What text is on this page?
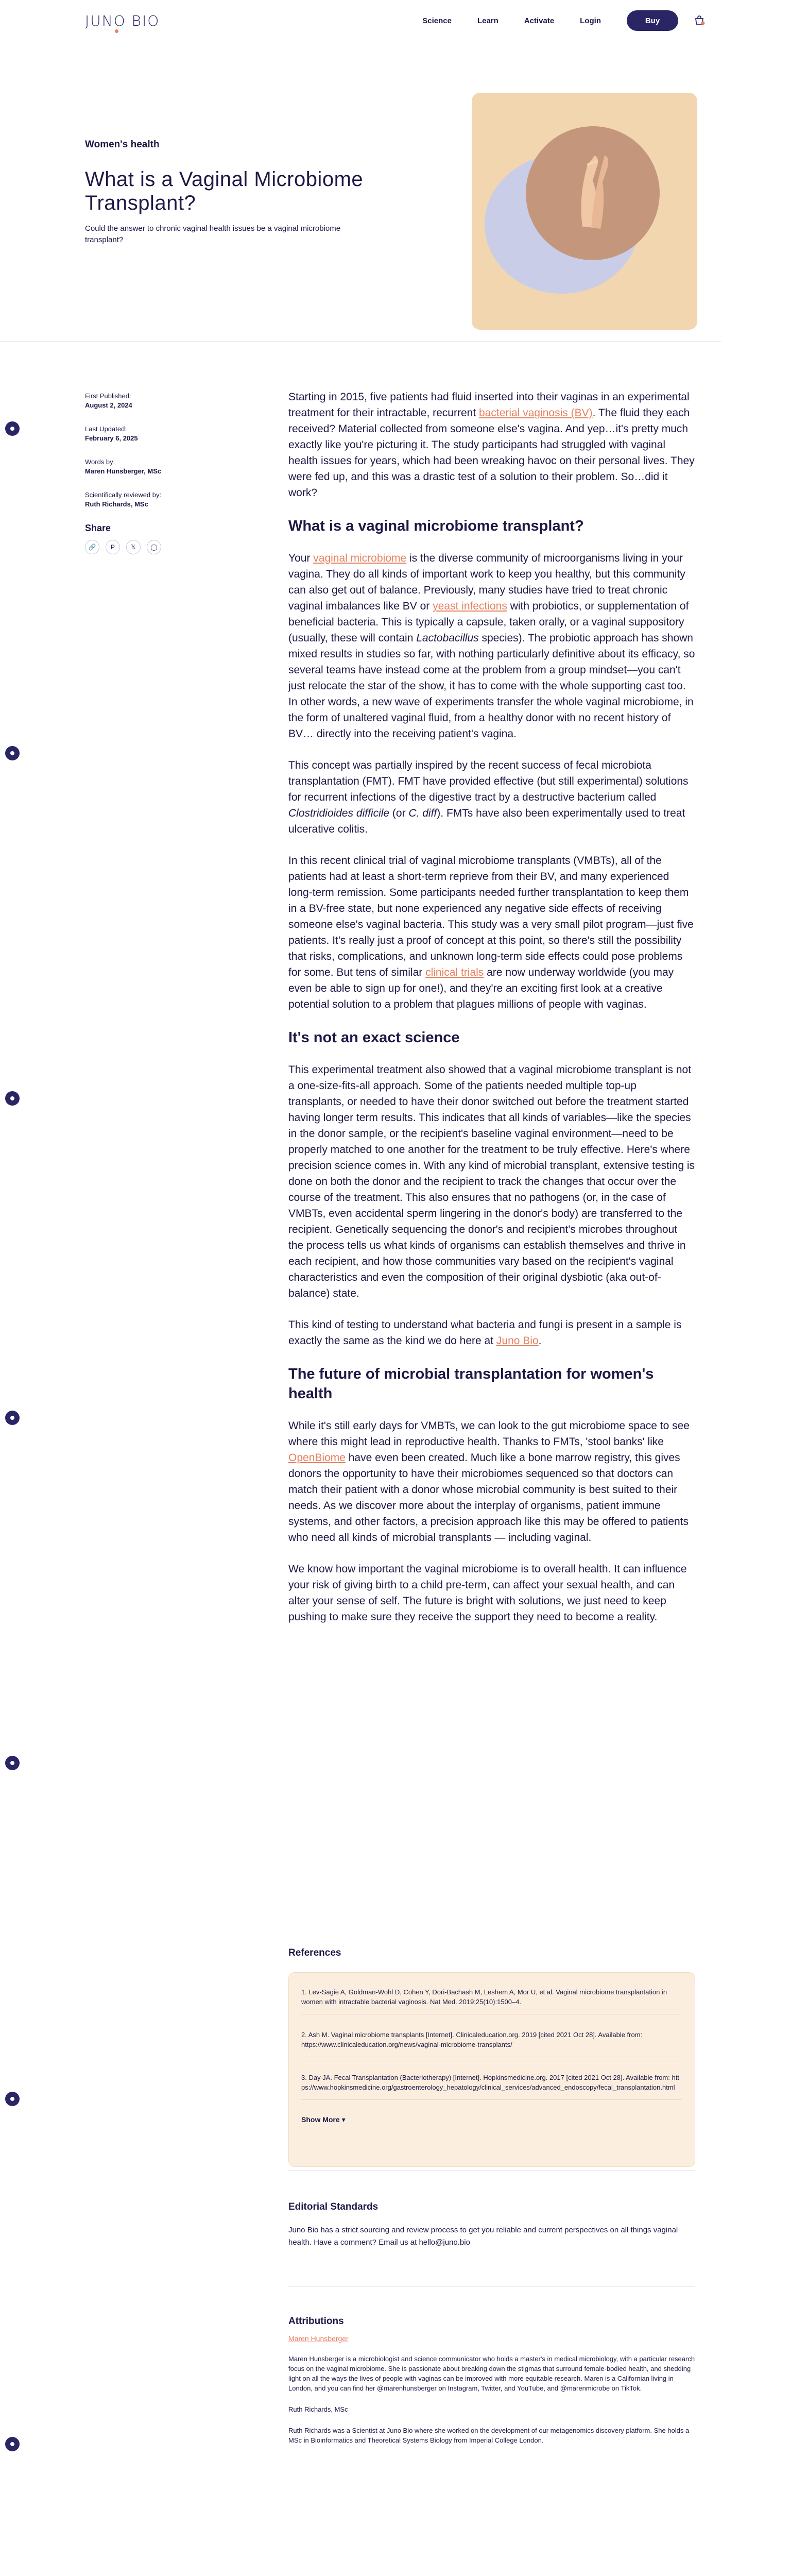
JUNO BIO	Science	Learn	Activate	Login	Buy
Women's health
What is a Vaginal Microbiome Transplant?
Could the answer to chronic vaginal health issues be a vaginal microbiome transplant?
First Published:
August 2, 2024
Last Updated:
February 6, 2025
Words by:
Maren Hunsberger, MSc
Scientifically reviewed by:
Ruth Richards, MSc
Share
🔗	P	𝕏	◯

Starting in 2015, five patients had fluid inserted into their vaginas in an experimental treatment for their intractable, recurrent bacterial vaginosis (BV). The fluid they each received? Material collected from someone else's vagina. And yep…it's pretty much exactly like you're picturing it. The study participants had struggled with vaginal health issues for years, which had been wreaking havoc on their personal lives. They were fed up, and this was a drastic test of a solution to their problem. So…did it work?

What is a vaginal microbiome transplant?

Your vaginal microbiome is the diverse community of microorganisms living in your vagina. They do all kinds of important work to keep you healthy, but this community can also get out of balance. Previously, many studies have tried to treat chronic vaginal imbalances like BV or yeast infections with probiotics, or supplementation of beneficial bacteria. This is typically a capsule, taken orally, or a vaginal suppository (usually, these will contain Lactobacillus species). The probiotic approach has shown mixed results in studies so far, with nothing particularly definitive about its efficacy, so several teams have instead come at the problem from a group mindset—you can't just relocate the star of the show, it has to come with the whole supporting cast too. In other words, a new wave of experiments transfer the whole vaginal microbiome, in the form of unaltered vaginal fluid, from a healthy donor with no recent history of BV… directly into the receiving patient's vagina.

This concept was partially inspired by the recent success of fecal microbiota transplantation (FMT). FMT have provided effective (but still experimental) solutions for recurrent infections of the digestive tract by a destructive bacterium called Clostridioides difficile (or C. diff). FMTs have also been experimentally used to treat ulcerative colitis.

In this recent clinical trial of vaginal microbiome transplants (VMBTs), all of the patients had at least a short-term reprieve from their BV, and many experienced long-term remission. Some participants needed further transplantation to keep them in a BV-free state, but none experienced any negative side effects of receiving someone else's vaginal bacteria. This study was a very small pilot program—just five patients. It's really just a proof of concept at this point, so there's still the possibility that risks, complications, and unknown long-term side effects could pose problems for some. But tens of similar clinical trials are now underway worldwide (you may even be able to sign up for one!), and they're an exciting first look at a creative potential solution to a problem that plagues millions of people with vaginas.

It's not an exact science

This experimental treatment also showed that a vaginal microbiome transplant is not a one-size-fits-all approach. Some of the patients needed multiple top-up transplants, or needed to have their donor switched out before the treatment started having longer term results. This indicates that all kinds of variables—like the species in the donor sample, or the recipient's baseline vaginal environment—need to be properly matched to one another for the treatment to be truly effective. Here's where precision science comes in. With any kind of microbial transplant, extensive testing is done on both the donor and the recipient to track the changes that occur over the course of the treatment. This also ensures that no pathogens (or, in the case of VMBTs, even accidental sperm lingering in the donor's body) are transferred to the recipient. Genetically sequencing the donor's and recipient's microbes throughout the process tells us what kinds of organisms can establish themselves and thrive in each recipient, and how those communities vary based on the recipient's vaginal characteristics and even the composition of their original dysbiotic (aka out-of-balance) state.

This kind of testing to understand what bacteria and fungi is present in a sample is exactly the same as the kind we do here at Juno Bio.

The future of microbial transplantation for women's health

While it's still early days for VMBTs, we can look to the gut microbiome space to see where this might lead in reproductive health. Thanks to FMTs, 'stool banks' like OpenBiome have even been created. Much like a bone marrow registry, this gives donors the opportunity to have their microbiomes sequenced so that doctors can match their patient with a donor whose microbial community is best suited to their needs. As we discover more about the interplay of organisms, patient immune systems, and other factors, a precision approach like this may be offered to patients who need all kinds of microbial transplants — including vaginal.

We know how important the vaginal microbiome is to overall health. It can influence your risk of giving birth to a child pre-term, can affect your sexual health, and can alter your sense of self. The future is bright with solutions, we just need to keep pushing to make sure they receive the support they need to become a reality.

References
1. Lev-Sagie A, Goldman-Wohl D, Cohen Y, Dori-Bachash M, Leshem A, Mor U, et al. Vaginal microbiome transplantation in women with intractable bacterial vaginosis. Nat Med. 2019;25(10):1500–4.
2. Ash M. Vaginal microbiome transplants [Internet]. Clinicaleducation.org. 2019 [cited 2021 Oct 28]. Available from: https://www.clinicaleducation.org/news/vaginal-microbiome-transplants/
3. Day JA. Fecal Transplantation (Bacteriotherapy) [Internet]. Hopkinsmedicine.org. 2017 [cited 2021 Oct 28]. Available from: https://www.hopkinsmedicine.org/gastroenterology_hepatology/clinical_services/advanced_endoscopy/fecal_transplantation.html
Show More ▾
Editorial Standards

Juno Bio has a strict sourcing and review process to get you reliable and current perspectives on all things vaginal health. Have a comment? Email us at hello@juno.bio

Attributions
Maren Hunsberger

Maren Hunsberger is a microbiologist and science communicator who holds a master's in medical microbiology, with a particular research focus on the vaginal microbiome. She is passionate about breaking down the stigmas that surround female-bodied health, and shedding light on all the ways the lives of people with vaginas can be improved with more equitable research. Maren is a Californian living in London, and you can find her @marenhunsberger on Instagram, Twitter, and YouTube, and @marenmicrobe on TikTok.

Ruth Richards, MSc

Ruth Richards was a Scientist at Juno Bio where she worked on the development of our metagenomics discovery platform. She holds a MSc in Bioinformatics and Theoretical Systems Biology from Imperial College London.
